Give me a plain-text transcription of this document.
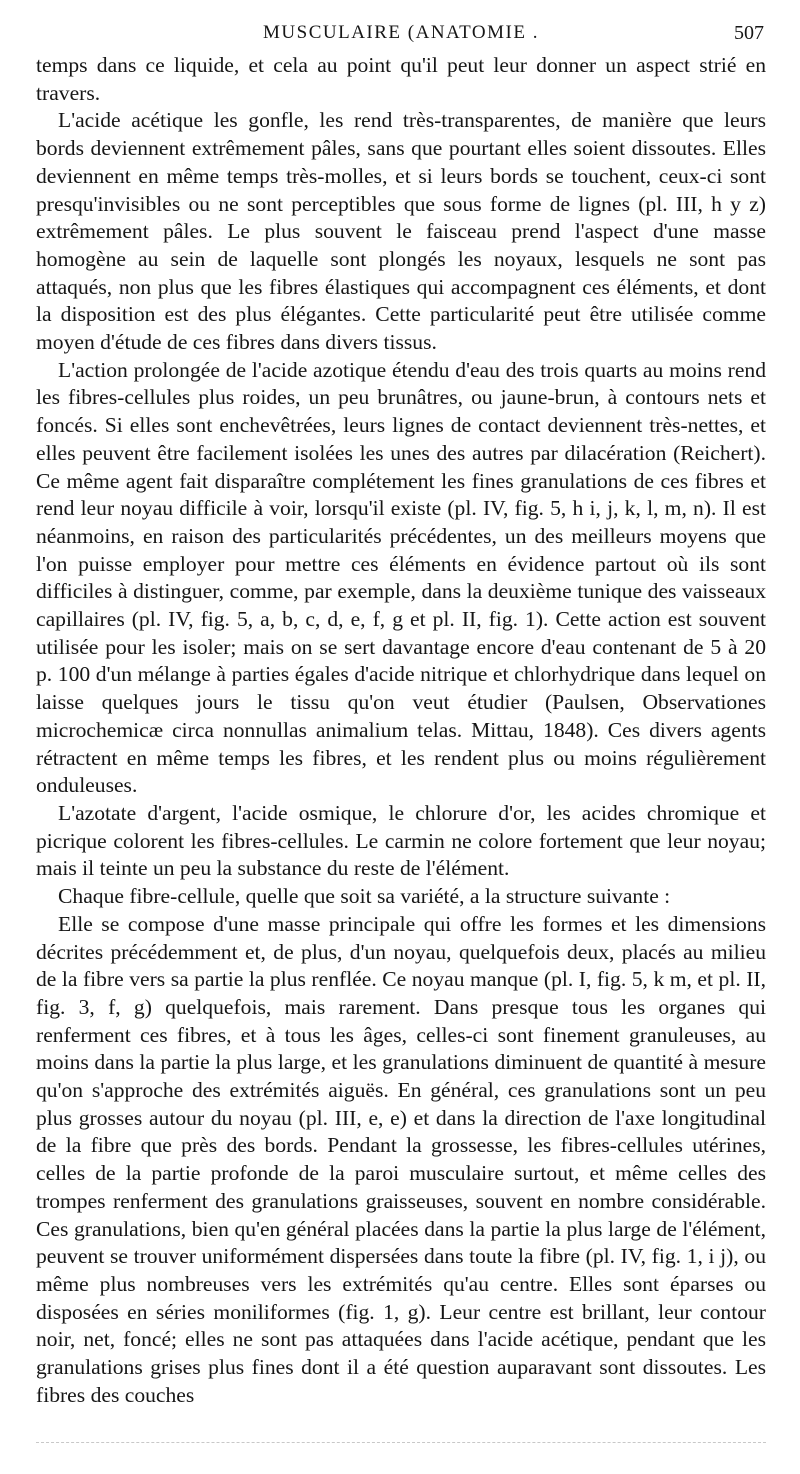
MUSCULAIRE (ANATOMIE .	507

temps dans ce liquide, et cela au point qu'il peut leur donner un aspect strié en travers.

L'acide acétique les gonfle, les rend très-transparentes, de manière que leurs bords deviennent extrêmement pâles, sans que pourtant elles soient dissoutes. Elles deviennent en même temps très-molles, et si leurs bords se touchent, ceux-ci sont presqu'invisibles ou ne sont perceptibles que sous forme de lignes (pl. III, h y z) extrêmement pâles. Le plus souvent le faisceau prend l'aspect d'une masse homogène au sein de laquelle sont plongés les noyaux, lesquels ne sont pas attaqués, non plus que les fibres élastiques qui accompagnent ces éléments, et dont la disposition est des plus élégantes. Cette particularité peut être utilisée comme moyen d'étude de ces fibres dans divers tissus.

L'action prolongée de l'acide azotique étendu d'eau des trois quarts au moins rend les fibres-cellules plus roides, un peu brunâtres, ou jaune-brun, à contours nets et foncés. Si elles sont enchevêtrées, leurs lignes de contact deviennent très-nettes, et elles peuvent être facilement isolées les unes des autres par dilacération (Reichert). Ce même agent fait disparaître complétement les fines granulations de ces fibres et rend leur noyau difficile à voir, lorsqu'il existe (pl. IV, fig. 5, h i, j, k, l, m, n). Il est néanmoins, en raison des particularités précédentes, un des meilleurs moyens que l'on puisse employer pour mettre ces éléments en évidence partout où ils sont difficiles à distinguer, comme, par exemple, dans la deuxième tunique des vaisseaux capillaires (pl. IV, fig. 5, a, b, c, d, e, f, g et pl. II, fig. 1). Cette action est souvent utilisée pour les isoler; mais on se sert davantage encore d'eau contenant de 5 à 20 p. 100 d'un mélange à parties égales d'acide nitrique et chlorhydrique dans lequel on laisse quelques jours le tissu qu'on veut étudier (Paulsen, Observationes microchemicæ circa nonnullas animalium telas. Mittau, 1848). Ces divers agents rétractent en même temps les fibres, et les rendent plus ou moins régulièrement onduleuses.

L'azotate d'argent, l'acide osmique, le chlorure d'or, les acides chromique et picrique colorent les fibres-cellules. Le carmin ne colore fortement que leur noyau; mais il teinte un peu la substance du reste de l'élément.

Chaque fibre-cellule, quelle que soit sa variété, a la structure suivante :

Elle se compose d'une masse principale qui offre les formes et les dimensions décrites précédemment et, de plus, d'un noyau, quelquefois deux, placés au milieu de la fibre vers sa partie la plus renflée. Ce noyau manque (pl. I, fig. 5, k m, et pl. II, fig. 3, f, g) quelquefois, mais rarement. Dans presque tous les organes qui renferment ces fibres, et à tous les âges, celles-ci sont finement granuleuses, au moins dans la partie la plus large, et les granulations diminuent de quantité à mesure qu'on s'approche des extrémités aiguës. En général, ces granulations sont un peu plus grosses autour du noyau (pl. III, e, e) et dans la direction de l'axe longitudinal de la fibre que près des bords. Pendant la grossesse, les fibres-cellules utérines, celles de la partie profonde de la paroi musculaire surtout, et même celles des trompes renferment des granulations graisseuses, souvent en nombre considérable. Ces granulations, bien qu'en général placées dans la partie la plus large de l'élément, peuvent se trouver uniformément dispersées dans toute la fibre (pl. IV, fig. 1, i j), ou même plus nombreuses vers les extrémités qu'au centre. Elles sont éparses ou disposées en séries moniliformes (fig. 1, g). Leur centre est brillant, leur contour noir, net, foncé; elles ne sont pas attaquées dans l'acide acétique, pendant que les granulations grises plus fines dont il a été question auparavant sont dissoutes. Les fibres des couches
